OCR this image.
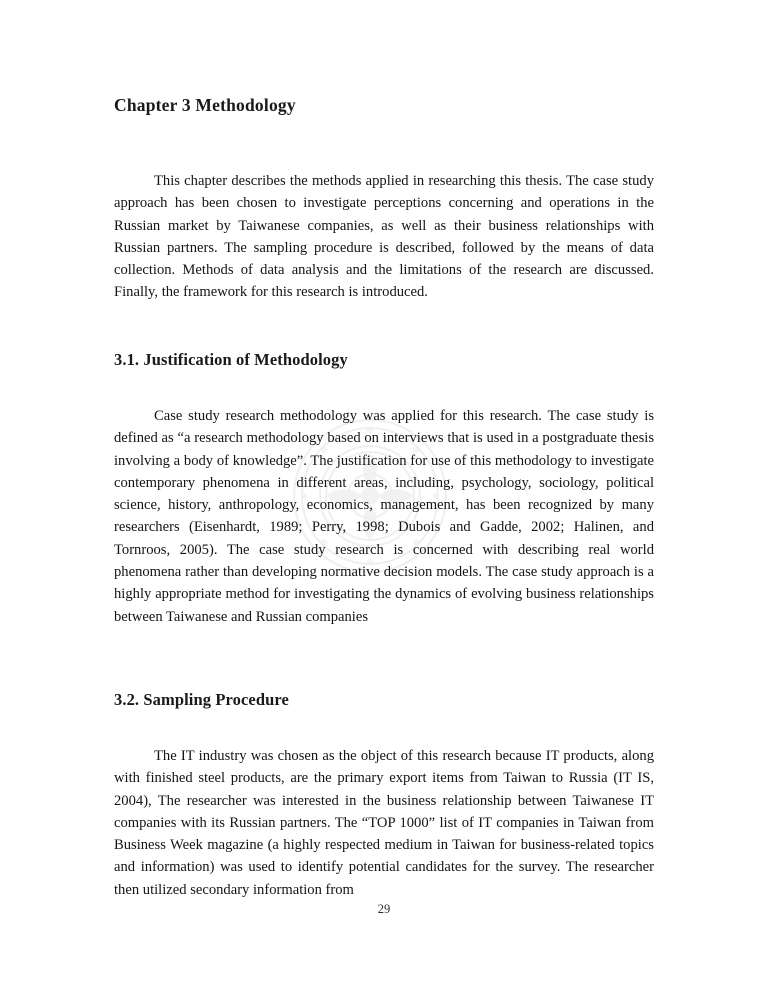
Chapter 3 Methodology

This chapter describes the methods applied in researching this thesis. The case study approach has been chosen to investigate perceptions concerning and operations in the Russian market by Taiwanese companies, as well as their business relationships with Russian partners. The sampling procedure is described, followed by the means of data collection. Methods of data analysis and the limitations of the research are discussed. Finally, the framework for this research is introduced.

3.1. Justification of Methodology

Case study research methodology was applied for this research. The case study is defined as “a research methodology based on interviews that is used in a postgraduate thesis involving a body of knowledge”. The justification for use of this methodology to investigate contemporary phenomena in different areas, including, psychology, sociology, political science, history, anthropology, economics, management, has been recognized by many researchers (Eisenhardt, 1989; Perry, 1998; Dubois and Gadde, 2002; Halinen, and Tornroos, 2005). The case study research is concerned with describing real world phenomena rather than developing normative decision models. The case study approach is a highly appropriate method for investigating the dynamics of evolving business relationships between Taiwanese and Russian companies

3.2. Sampling Procedure

The IT industry was chosen as the object of this research because IT products, along with finished steel products, are the primary export items from Taiwan to Russia (IT IS, 2004), The researcher was interested in the business relationship between Taiwanese IT companies with its Russian partners. The “TOP 1000” list of IT companies in Taiwan from Business Week magazine (a highly respected medium in Taiwan for business-related topics and information) was used to identify potential candidates for the survey. The researcher then utilized secondary information from

29
